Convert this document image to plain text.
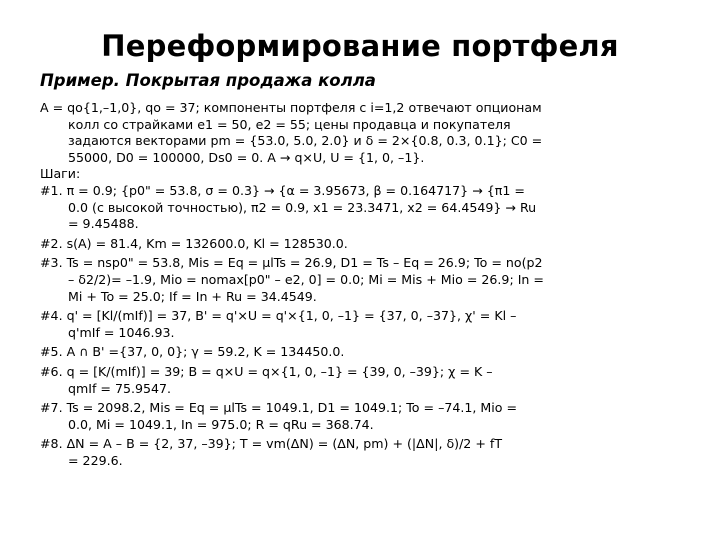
Переформирование портфеля
Пример. Покрытая продажа колла
A = qo{1,–1,0}, qo = 37; компоненты портфеля с i=1,2 отвечают опционам
колл со страйками e1 = 50, e2 = 55; цены продавца и покупателя
задаются векторами pm = {53.0, 5.0, 2.0} и δ = 2×{0.8, 0.3, 0.1}; C0 =
55000, D0 = 100000, Ds0 = 0. A → q×U, U = {1, 0, –1}.
Шаги:
#1. π = 0.9; {p0" = 53.8, σ = 0.3} → {α = 3.95673, β = 0.164717} → {π1 =
0.0 (с высокой точностью), π2 = 0.9, x1 = 23.3471, x2 = 64.4549} → Ru
= 9.45488.
#2. s(A) = 81.4, Km = 132600.0, Kl = 128530.0.
#3. Ts = nsp0" = 53.8, Mis = Eq = μlTs = 26.9, D1 = Ts – Eq = 26.9; To = no(p2
– δ2/2)= –1.9, Mio = nomax[p0" – e2, 0] = 0.0; Mi = Mis + Mio = 26.9; In =
Mi + To = 25.0; If = In + Ru = 34.4549.
#4. q' = [Kl/(mIf)] = 37, B' = q'×U = q'×{1, 0, –1} = {37, 0, –37}, χ' = Kl –
q'mIf = 1046.93.
#5. A ∩ B' ={37, 0, 0}; γ = 59.2, K = 134450.0.
#6. q = [K/(mIf)] = 39; B = q×U = q×{1, 0, –1} = {39, 0, –39}; χ = K –
qmIf = 75.9547.
#7. Ts = 2098.2, Mis = Eq = μlTs = 1049.1, D1 = 1049.1; To = –74.1, Mio =
0.0, Mi = 1049.1, In = 975.0; R = qRu = 368.74.
#8. ΔN = A – B = {2, 37, –39}; T = vm(ΔN) = (ΔN, pm) + (|ΔN|, δ)/2 + fT
= 229.6.
